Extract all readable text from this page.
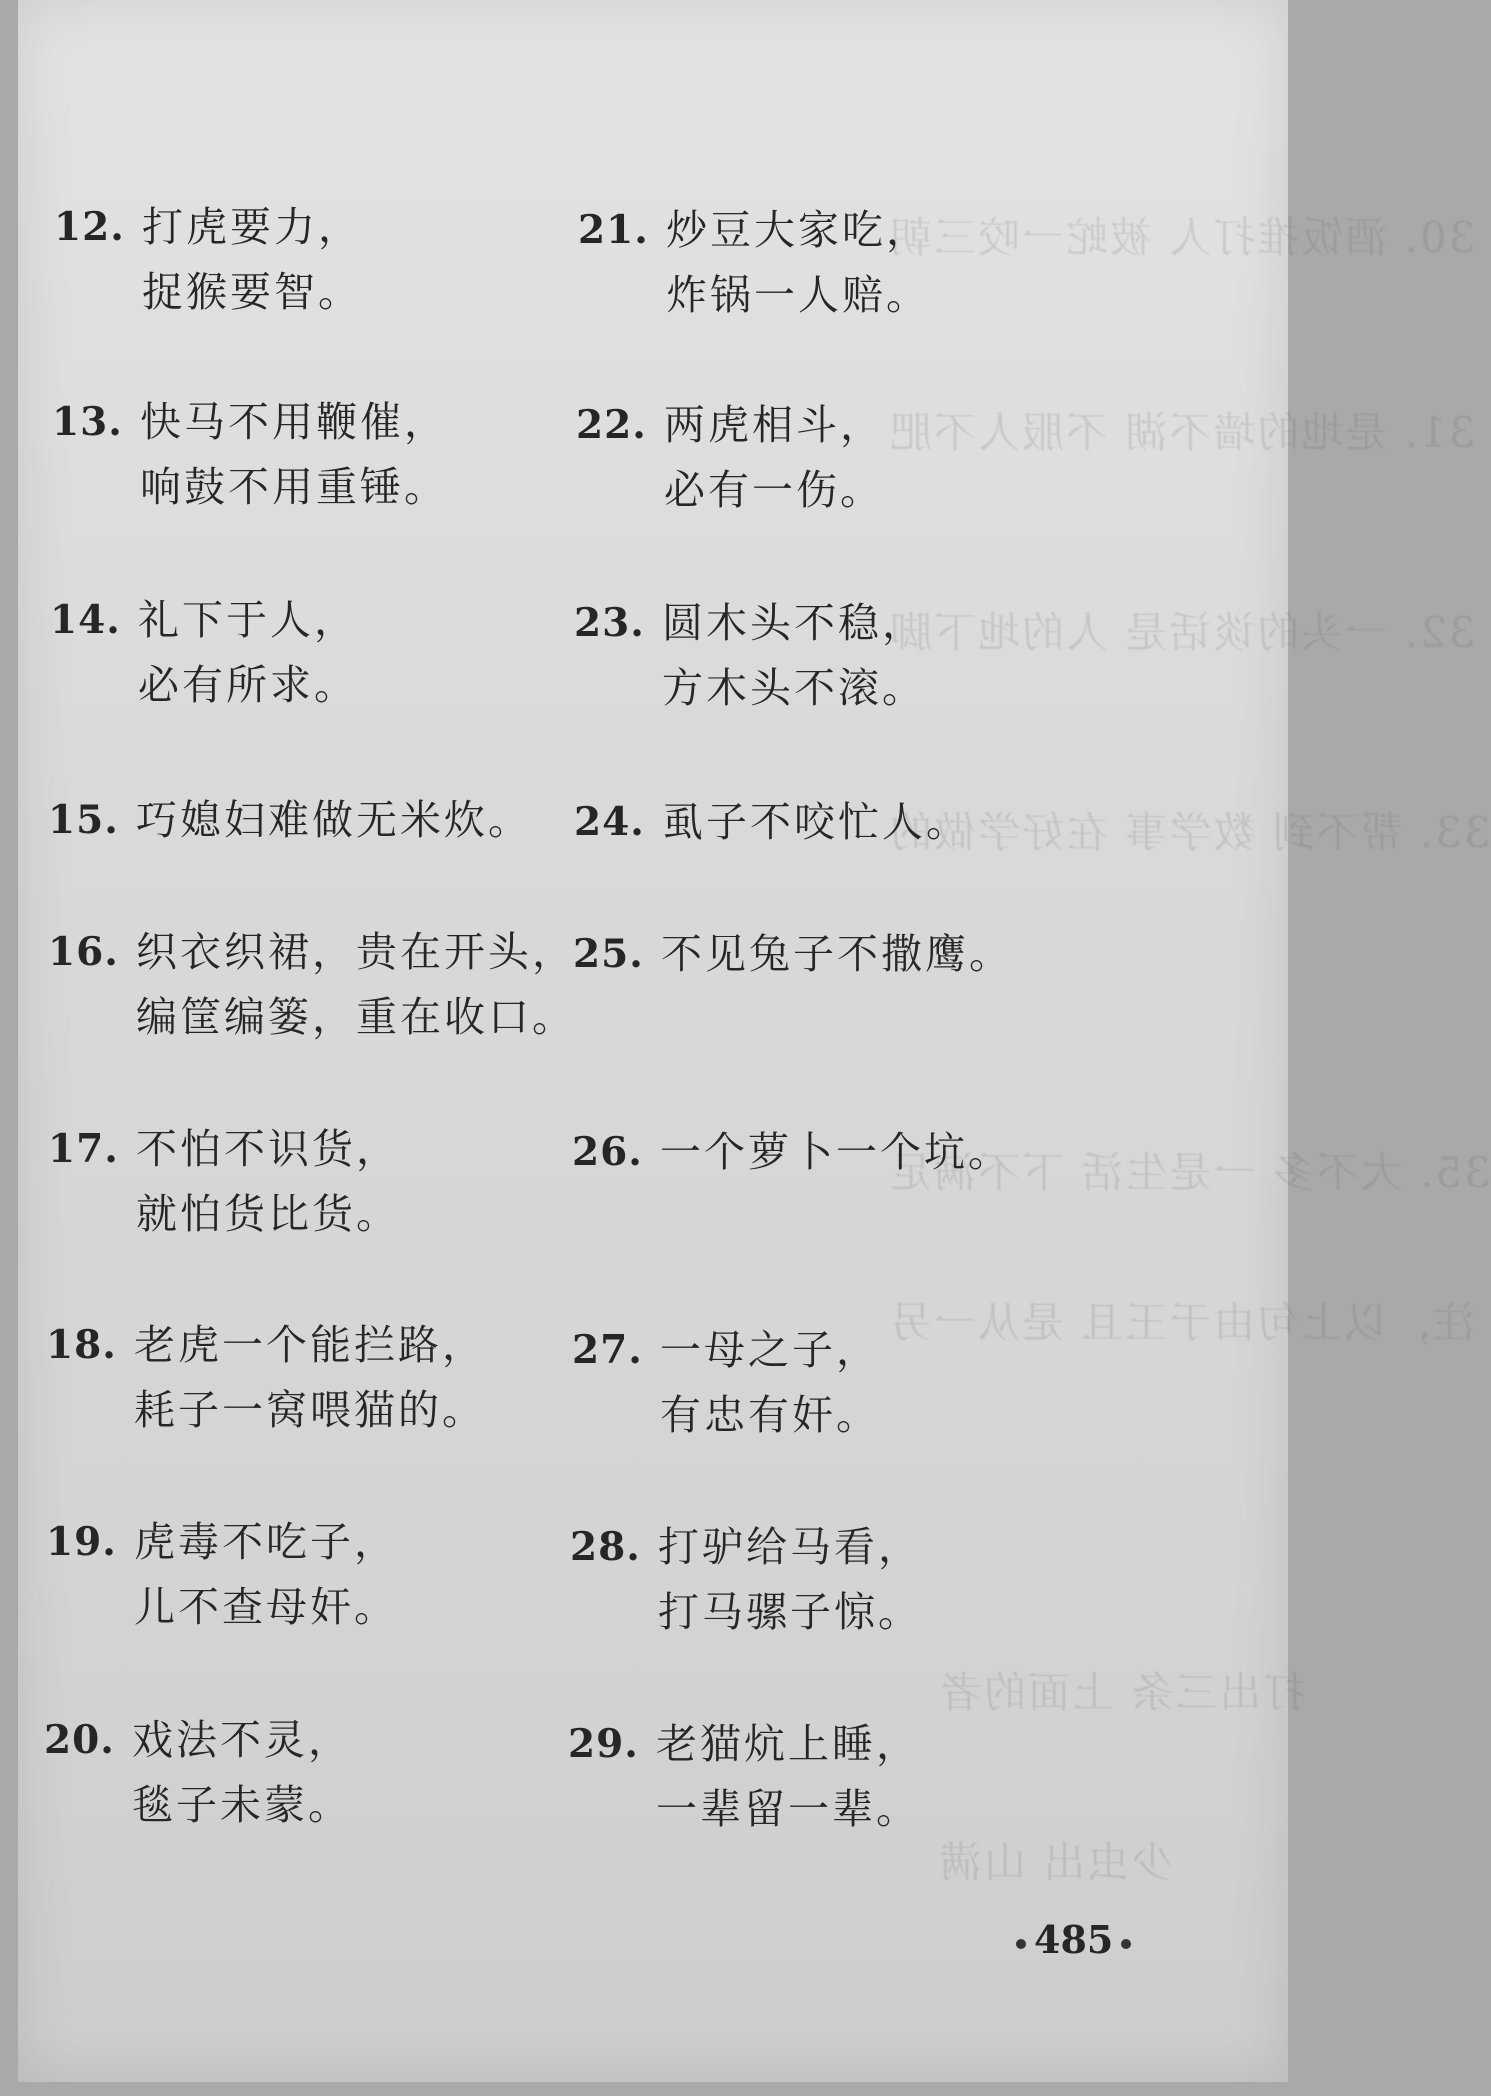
30. 酒饭推打人 被蛇一咬三朝
31. 是地的墙不湖 不服人不肥
32. 一头的谈话是 人的地下脚
33. 帮不到 数学事 在好学做的
35. 大不多 一是生活 下不满足
注，以上句由于王且 是从一另
打出三条 上面的者
少虫出 山满
12. 打虎要力，
捉猴要智。
13. 快马不用鞭催，
响鼓不用重锤。
14. 礼下于人，
必有所求。
15. 巧媳妇难做无米炊。
16. 织衣织裙，贵在开头，
编筐编篓，重在收口。
17. 不怕不识货，
就怕货比货。
18. 老虎一个能拦路，
耗子一窝喂猫的。
19. 虎毒不吃子，
儿不查母奸。
20. 戏法不灵，
毯子未蒙。
21. 炒豆大家吃，
炸锅一人赔。
22. 两虎相斗，
必有一伤。
23. 圆木头不稳，
方木头不滚。
24. 虱子不咬忙人。
25. 不见兔子不撒鹰。
26. 一个萝卜一个坑。
27. 一母之子，
有忠有奸。
28. 打驴给马看，
打马骡子惊。
29. 老猫炕上睡，
一辈留一辈。
485
